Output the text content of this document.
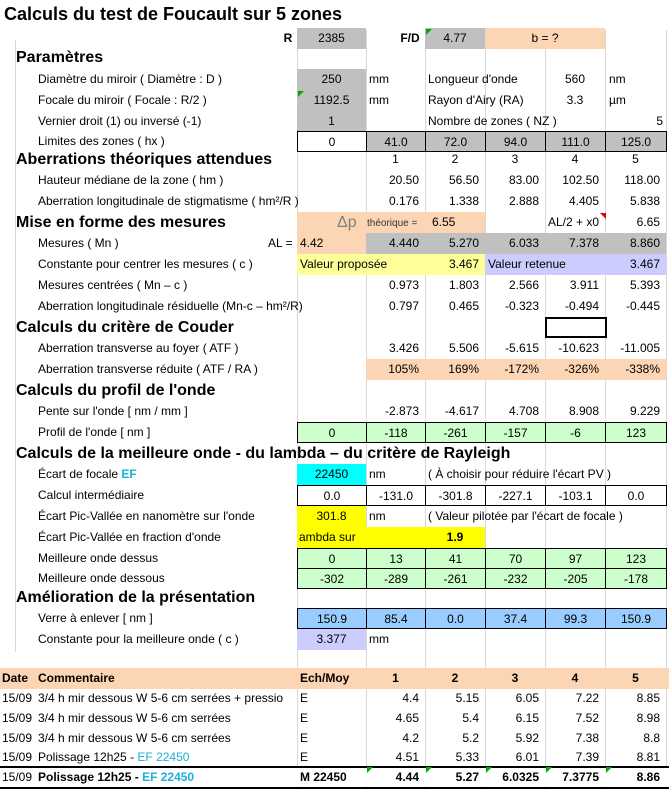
Calculs du test de Foucault sur 5 zones
R	2385	F/D	4.77	b = ?
Paramètres
Diamètre du miroir ( Diamètre : D )	250	mm	Longueur d'onde	560	nm
Focale du miroir ( Focale : R/2 )	1192.5	mm	Rayon d'Airy (RA)	3.3	µm
Vernier droit (1) ou inversé (-1)	1	Nombre de zones ( NZ )	5
Limites des zones ( hx )	0	41.0	72.0	94.0	111.0	125.0
Aberrations théoriques attendues	1	2	3	4	5
Hauteur médiane de la zone ( hm )	20.50	56.50	83.00	102.50	118.00
Aberration longitudinale de stigmatisme ( hm²/R )	0.176	1.338	2.888	4.405	5.838
Mise en forme des mesures	Δp théorique = 6.55	AL/2 + x0	6.65
Mesures ( Mn )	AL = 4.42	4.440	5.270	6.033	7.378	8.860
Constante pour centrer les mesures ( c )	Valeur proposée	3.467 Valeur retenue	3.467
Mesures centrées ( Mn – c )	0.973	1.803	2.566	3.911	5.393
Aberration longitudinale résiduelle (Mn-c – hm²/R)	0.797	0.465	-0.323	-0.494	-0.445
Calculs du critère de Couder
Aberration transverse au foyer ( ATF )	3.426	5.506	-5.615	-10.623	-11.005
Aberration transverse réduite ( ATF / RA )	105%	169%	-172%	-326%	-338%
Calculs du profil de l'onde
Pente sur l'onde [ nm / mm ]	-2.873	-4.617	4.708	8.908	9.229
Profil de l'onde [ nm ]	0	-118	-261	-157	-6	123
Calculs de la meilleure onde - du lambda – du critère de Rayleigh
Écart de focale EF	22450	nm	( À choisir pour réduire l'écart PV )
Calcul intermédiaire	0.0	-131.0	-301.8	-227.1	-103.1	0.0
Écart Pic-Vallée en nanomètre sur l'onde	301.8	nm	( Valeur pilotée par l'écart de focale )
Écart Pic-Vallée en fraction d'onde	ambda sur	1.9
Meilleure onde dessus	0	13	41	70	97	123
Meilleure onde dessous	-302	-289	-261	-232	-205	-178
Amélioration de la présentation
Verre à enlever [ nm ]	150.9	85.4	0.0	37.4	99.3	150.9
Constante pour la meilleure onde ( c )	3.377	mm
Date Commentaire	Ech/Moy	1	2	3	4	5
15/09 3/4 h mir dessous W 5-6 cm serrées + pressio	E	4.4	5.15	6.05	7.22	8.85
15/09 3/4 h mir dessous W 5-6 cm serrées	E	4.65	5.4	6.15	7.52	8.98
15/09 3/4 h mir dessous W 5-6 cm serrées	E	4.2	5.2	5.92	7.38	8.8
15/09 Polissage 12h25 - EF 22450	E	4.51	5.33	6.01	7.39	8.81
15/09 Polissage 12h25 - EF 22450	M 22450	4.44	5.27	6.0325	7.3775	8.86
